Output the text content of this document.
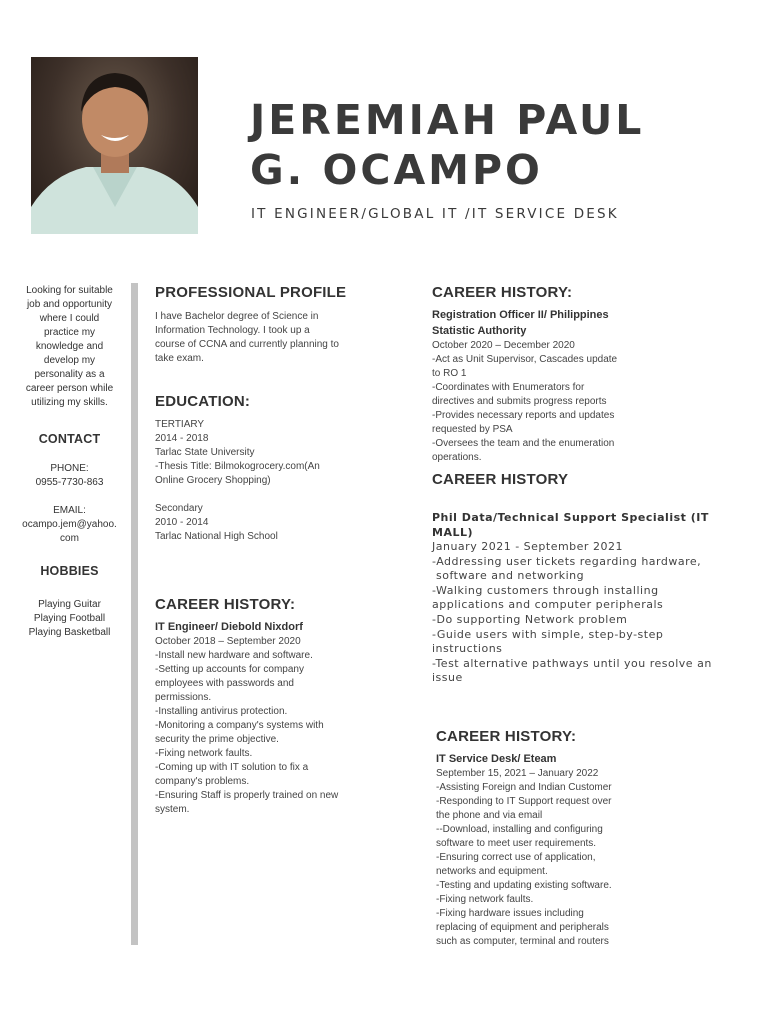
JEREMIAH PAUL
G. OCAMPO
IT ENGINEER/GLOBAL IT /IT SERVICE DESK
Looking for suitable
job and opportunity
where I could
practice my
knowledge and
develop my
personality as a
career person while
utilizing my skills.
CONTACT
PHONE:
0955-7730-863
EMAIL:
ocampo.jem@yahoo.
com
HOBBIES
Playing Guitar
Playing Football
Playing Basketball
PROFESSIONAL PROFILE
I have Bachelor degree of Science in
Information Technology. I took up a
course of CCNA and currently planning to
take exam.
EDUCATION:
TERTIARY
2014 - 2018
Tarlac State University
-Thesis Title: Bilmokogrocery.com(An
Online Grocery Shopping)
Secondary
2010 - 2014
Tarlac National High School
CAREER HISTORY:
IT Engineer/ Diebold Nixdorf
October 2018 – September 2020
-Install new hardware and software.
-Setting up accounts for company
employees with passwords and
permissions.
-Installing antivirus protection.
-Monitoring a company's systems with
security the prime objective.
-Fixing network faults.
-Coming up with IT solution to fix a
company's problems.
-Ensuring Staff is properly trained on new
system.
CAREER HISTORY:
Registration Officer II/ Philippines
Statistic Authority
October 2020 – December 2020
-Act as Unit Supervisor, Cascades update
to RO 1
-Coordinates with Enumerators for
directives and submits progress reports
-Provides necessary reports and updates
requested by PSA
-Oversees the team and the enumeration
operations.
CAREER HISTORY
Phil Data/Technical Support Specialist (IT
MALL)
January 2021 - September 2021
-Addressing user tickets regarding hardware,
software and networking
-Walking customers through installing
applications and computer peripherals
-Do supporting Network problem
-Guide users with simple, step-by-step
instructions
-Test alternative pathways until you resolve an
issue
CAREER HISTORY:
IT Service Desk/ Eteam
September 15, 2021 – January 2022
-Assisting Foreign and Indian Customer
-Responding to IT Support request over
the phone and via email
--Download, installing and configuring
software to meet user requirements.
-Ensuring correct use of application,
networks and equipment.
-Testing and updating existing software.
-Fixing network faults.
-Fixing hardware issues including
replacing of equipment and peripherals
such as computer, terminal and routers
